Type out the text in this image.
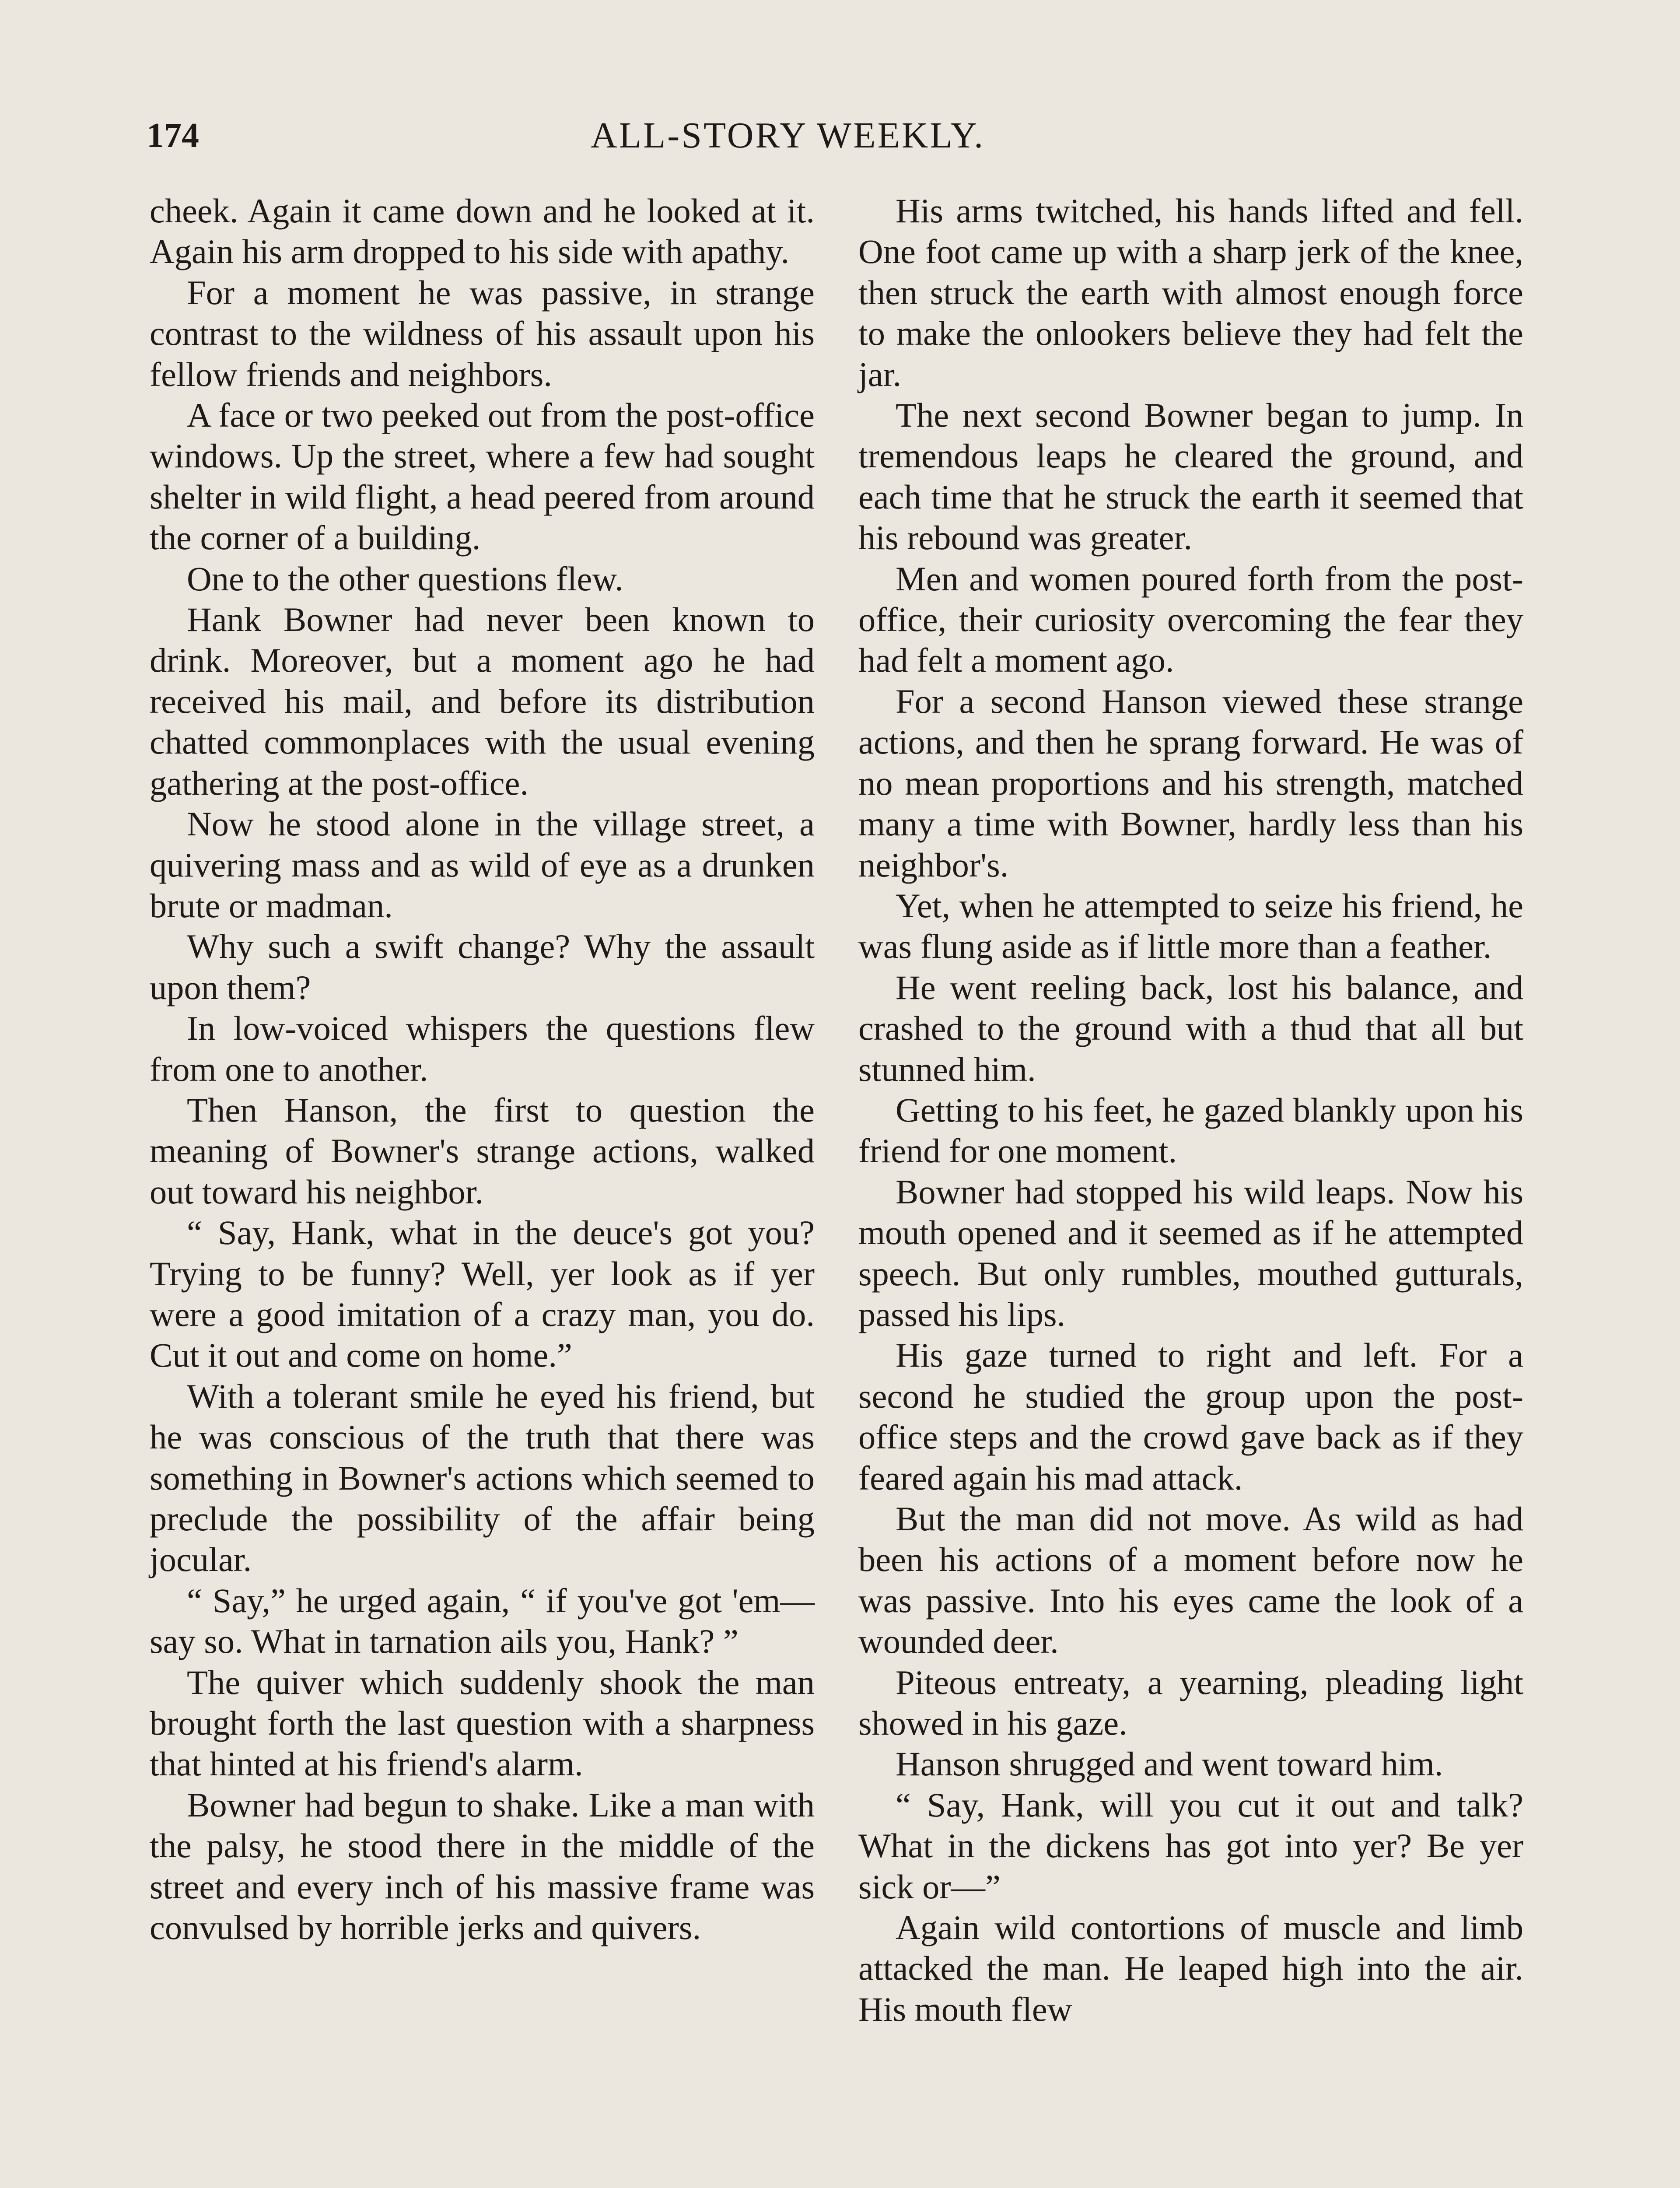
174	ALL-STORY WEEKLY.

cheek. Again it came down and he looked at it. Again his arm dropped to his side with apathy.

For a moment he was passive, in strange contrast to the wildness of his assault upon his fellow friends and neighbors.

A face or two peeked out from the post-office windows. Up the street, where a few had sought shelter in wild flight, a head peered from around the corner of a building.

One to the other questions flew.

Hank Bowner had never been known to drink. Moreover, but a moment ago he had received his mail, and before its distribution chatted commonplaces with the usual evening gathering at the post-office.

Now he stood alone in the village street, a quivering mass and as wild of eye as a drunken brute or madman.

Why such a swift change? Why the assault upon them?

In low-voiced whispers the questions flew from one to another.

Then Hanson, the first to question the meaning of Bowner's strange actions, walked out toward his neighbor.

“ Say, Hank, what in the deuce's got you? Trying to be funny? Well, yer look as if yer were a good imitation of a crazy man, you do. Cut it out and come on home.”

With a tolerant smile he eyed his friend, but he was conscious of the truth that there was something in Bowner's actions which seemed to preclude the possibility of the affair being jocular.

“ Say,” he urged again, “ if you've got 'em—say so. What in tarnation ails you, Hank? ”

The quiver which suddenly shook the man brought forth the last question with a sharpness that hinted at his friend's alarm.

Bowner had begun to shake. Like a man with the palsy, he stood there in the middle of the street and every inch of his massive frame was convulsed by horrible jerks and quivers.

His arms twitched, his hands lifted and fell. One foot came up with a sharp jerk of the knee, then struck the earth with almost enough force to make the onlookers believe they had felt the jar.

The next second Bowner began to jump. In tremendous leaps he cleared the ground, and each time that he struck the earth it seemed that his rebound was greater.

Men and women poured forth from the post-office, their curiosity overcoming the fear they had felt a moment ago.

For a second Hanson viewed these strange actions, and then he sprang forward. He was of no mean proportions and his strength, matched many a time with Bowner, hardly less than his neighbor's.

Yet, when he attempted to seize his friend, he was flung aside as if little more than a feather.

He went reeling back, lost his balance, and crashed to the ground with a thud that all but stunned him.

Getting to his feet, he gazed blankly upon his friend for one moment.

Bowner had stopped his wild leaps. Now his mouth opened and it seemed as if he attempted speech. But only rumbles, mouthed gutturals, passed his lips.

His gaze turned to right and left. For a second he studied the group upon the post-office steps and the crowd gave back as if they feared again his mad attack.

But the man did not move. As wild as had been his actions of a moment before now he was passive. Into his eyes came the look of a wounded deer.

Piteous entreaty, a yearning, pleading light showed in his gaze.

Hanson shrugged and went toward him.

“ Say, Hank, will you cut it out and talk? What in the dickens has got into yer? Be yer sick or—”

Again wild contortions of muscle and limb attacked the man. He leaped high into the air. His mouth flew
